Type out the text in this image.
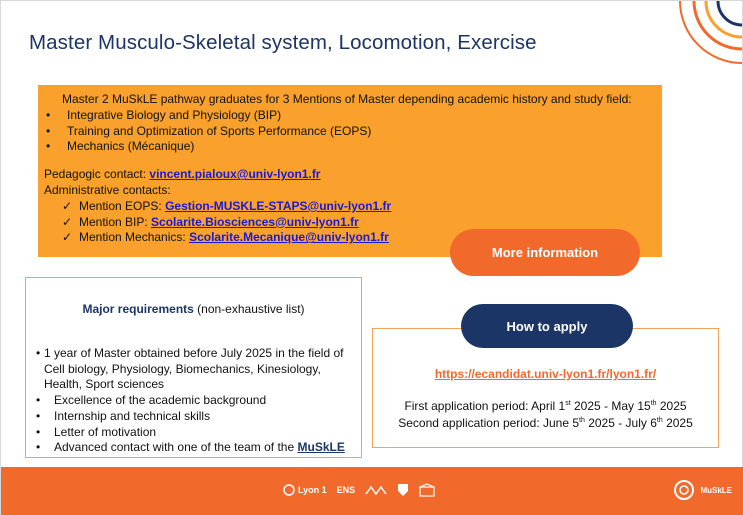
Master Musculo-Skeletal system, Locomotion, Exercise
Master 2 MuSkLE pathway graduates for 3 Mentions of Master depending academic history and study field:
•	Integrative Biology and Physiology (BIP)
•	Training and Optimization of Sports Performance (EOPS)
•	Mechanics (Mécanique)
Pedagogic contact: vincent.pialoux@univ-lyon1.fr
Administrative contacts:
✓ Mention EOPS:
Gestion-MUSKLE-STAPS@univ-lyon1.fr
✓ Mention BIP:
Scolarite.Biosciences@univ-lyon1.fr
✓ Mention Mechanics:
Scolarite.Mecanique@univ-lyon1.fr
More information
Major requirements (non-exhaustive list)
• 1 year of Master obtained before July 2025 in the field of Cell biology, Physiology, Biomechanics, Kinesiology, Health, Sport sciences
•	Excellence of the academic background
•	Internship and technical skills
•	Letter of motivation
•	Advanced contact with one of the team of the MuSkLE
https://ecandidat.univ-lyon1.fr/lyon1.fr/
First application period: April 1st 2025 - May 15th 2025
Second application period: June 5th 2025 - July 6th 2025
How to apply
Lyon 1 ENS	MuSkLE
